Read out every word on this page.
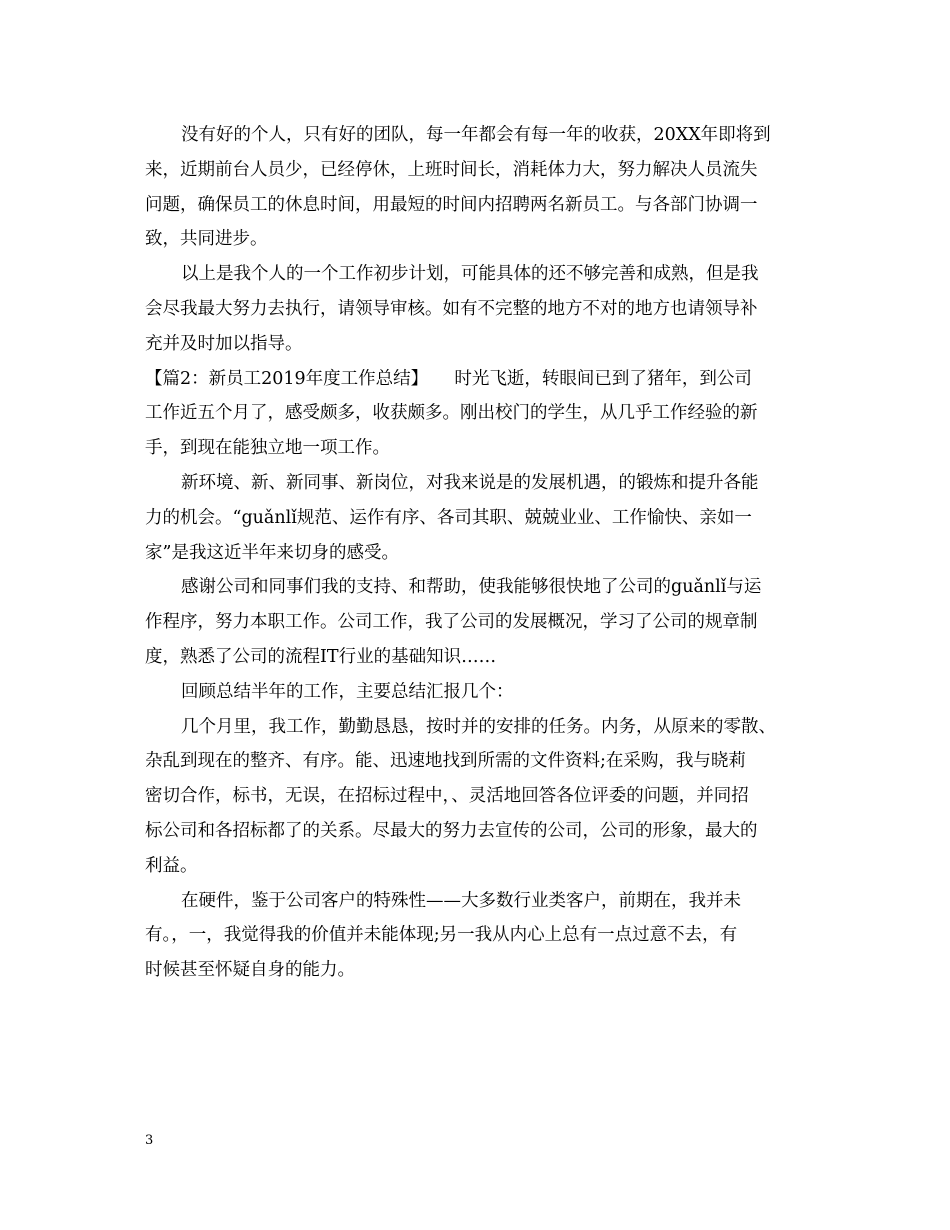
没有好的个人，只有好的团队，每一年都会有每一年的收获，20XX年即将到
来，近期前台人员少，已经停休，上班时间长，消耗体力大，努力解决人员流失
问题，确保员工的休息时间，用最短的时间内招聘两名新员工。与各部门协调一
致，共同进步。
以上是我个人的一个工作初步计划，可能具体的还不够完善和成熟，但是我
会尽我最大努力去执行，请领导审核。如有不完整的地方不对的地方也请领导补
充并及时加以指导。
【篇2：新员工2019年度工作总结】　　时光飞逝，转眼间已到了猪年，到公司
工作近五个月了，感受颇多，收获颇多。刚出校门的学生，从几乎工作经验的新
手，到现在能独立地一项工作。
新环境、新、新同事、新岗位，对我来说是的发展机遇，的锻炼和提升各能
力的机会。“guǎnlǐ规范、运作有序、各司其职、兢兢业业、工作愉快、亲如一
家”是我这近半年来切身的感受。
感谢公司和同事们我的支持、和帮助，使我能够很快地了公司的guǎnlǐ与运
作程序，努力本职工作。公司工作，我了公司的发展概况，学习了公司的规章制
度，熟悉了公司的流程IT行业的基础知识……
回顾总结半年的工作，主要总结汇报几个：
几个月里，我工作，勤勤恳恳，按时并的安排的任务。内务，从原来的零散、
杂乱到现在的整齐、有序。能、迅速地找到所需的文件资料;在采购，我与晓莉
密切合作，标书，无误，在招标过程中，、灵活地回答各位评委的问题，并同招
标公司和各招标都了的关系。尽最大的努力去宣传的公司，公司的形象，最大的
利益。
在硬件，鉴于公司客户的特殊性——大多数行业类客户，前期在，我并未
有。，一，我觉得我的价值并未能体现;另一我从内心上总有一点过意不去，有
时候甚至怀疑自身的能力。
3
